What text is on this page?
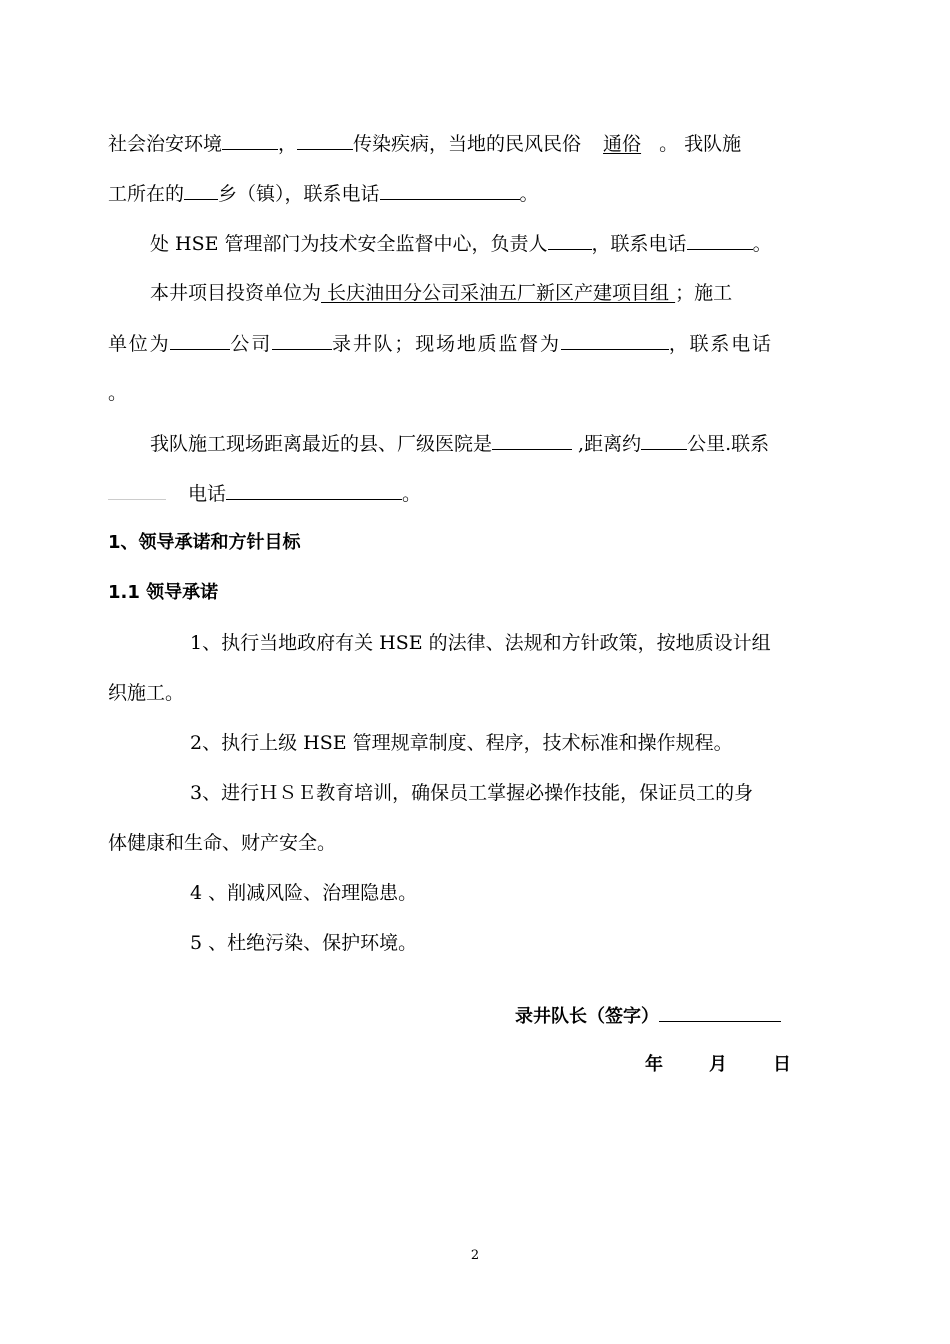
社会治安环境	，	传染疾病，当地的民风民俗 通俗 。 我队施
工所在的 乡（镇），联系电话	。
处 HSE 管理部门为技术安全监督中心，负责人 ，联系电话	。
本井项目投资单位为 长庆油田分公司采油五厂新区产建项目组 ；施工
单位为	公司	录井队；现场地质监督为	，联系电话
。
我队施工现场距离最近的县、厂级医院是	,距离约 公里.联系
电话	。
1、领导承诺和方针目标
1.1 领导承诺
1、执行当地政府有关 HSE 的法律、法规和方针政策，按地质设计组
织施工。
2、执行上级 HSE 管理规章制度、程序，技术标准和操作规程。
3、进行ＨＳＥ教育培训，确保员工掌握必操作技能，保证员工的身
体健康和生命、财产安全。
4 、削减风险、治理隐患。
5 、杜绝污染、保护环境。
录井队长（签字）
年	月	日
2
